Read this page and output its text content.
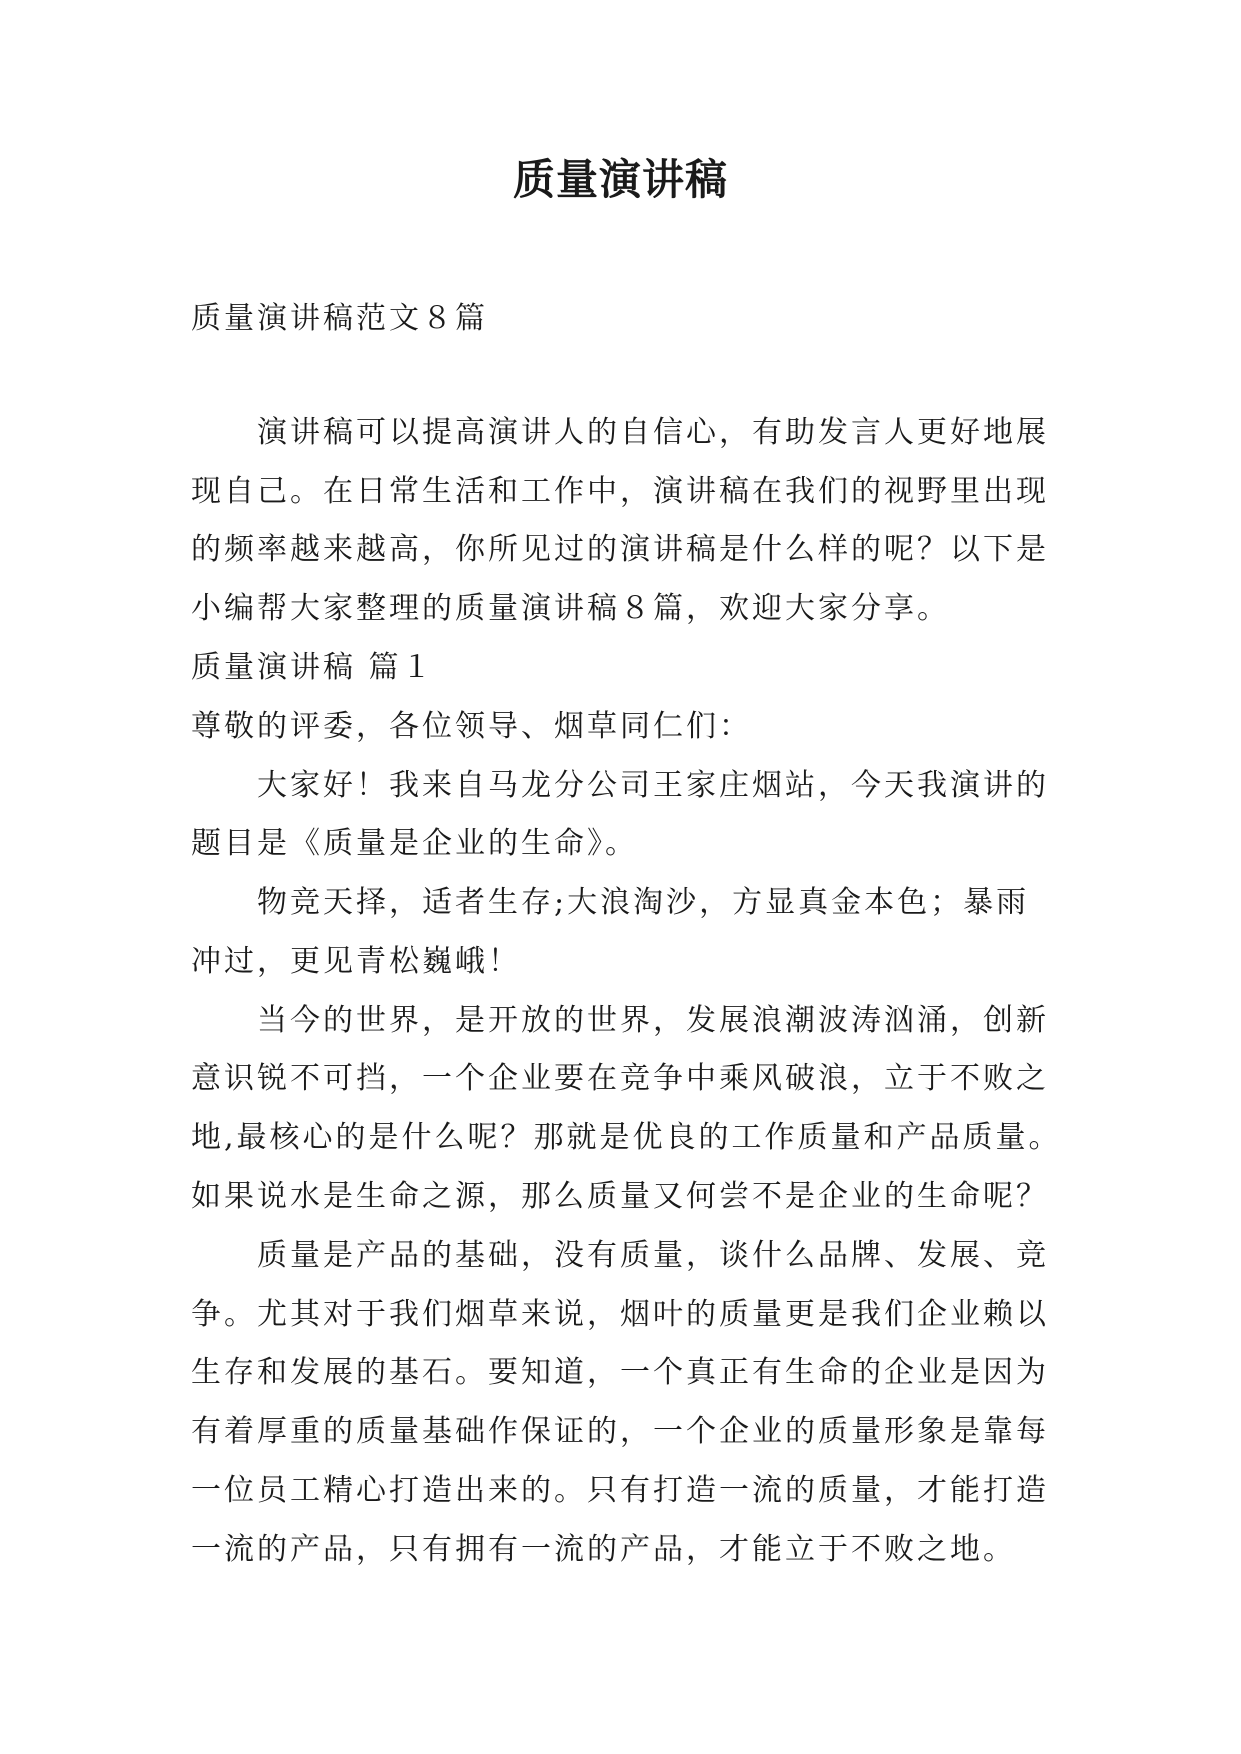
质量演讲稿

质量演讲稿范文８篇

演讲稿可以提高演讲人的自信心，有助发言人更好地展

现自己。在日常生活和工作中，演讲稿在我们的视野里出现

的频率越来越高，你所见过的演讲稿是什么样的呢？以下是

小编帮大家整理的质量演讲稿８篇，欢迎大家分享。

质量演讲稿 篇１

尊敬的评委，各位领导、烟草同仁们：

大家好！我来自马龙分公司王家庄烟站，今天我演讲的

题目是《质量是企业的生命》。

物竞天择，适者生存;大浪淘沙，方显真金本色；暴雨

冲过，更见青松巍峨！

当今的世界，是开放的世界，发展浪潮波涛汹涌，创新

意识锐不可挡，一个企业要在竞争中乘风破浪，立于不败之

地,最核心的是什么呢？那就是优良的工作质量和产品质量。

如果说水是生命之源，那么质量又何尝不是企业的生命呢？

质量是产品的基础，没有质量，谈什么品牌、发展、竞

争。尤其对于我们烟草来说，烟叶的质量更是我们企业赖以

生存和发展的基石。要知道，一个真正有生命的企业是因为

有着厚重的质量基础作保证的，一个企业的质量形象是靠每

一位员工精心打造出来的。只有打造一流的质量，才能打造

一流的产品，只有拥有一流的产品，才能立于不败之地。
